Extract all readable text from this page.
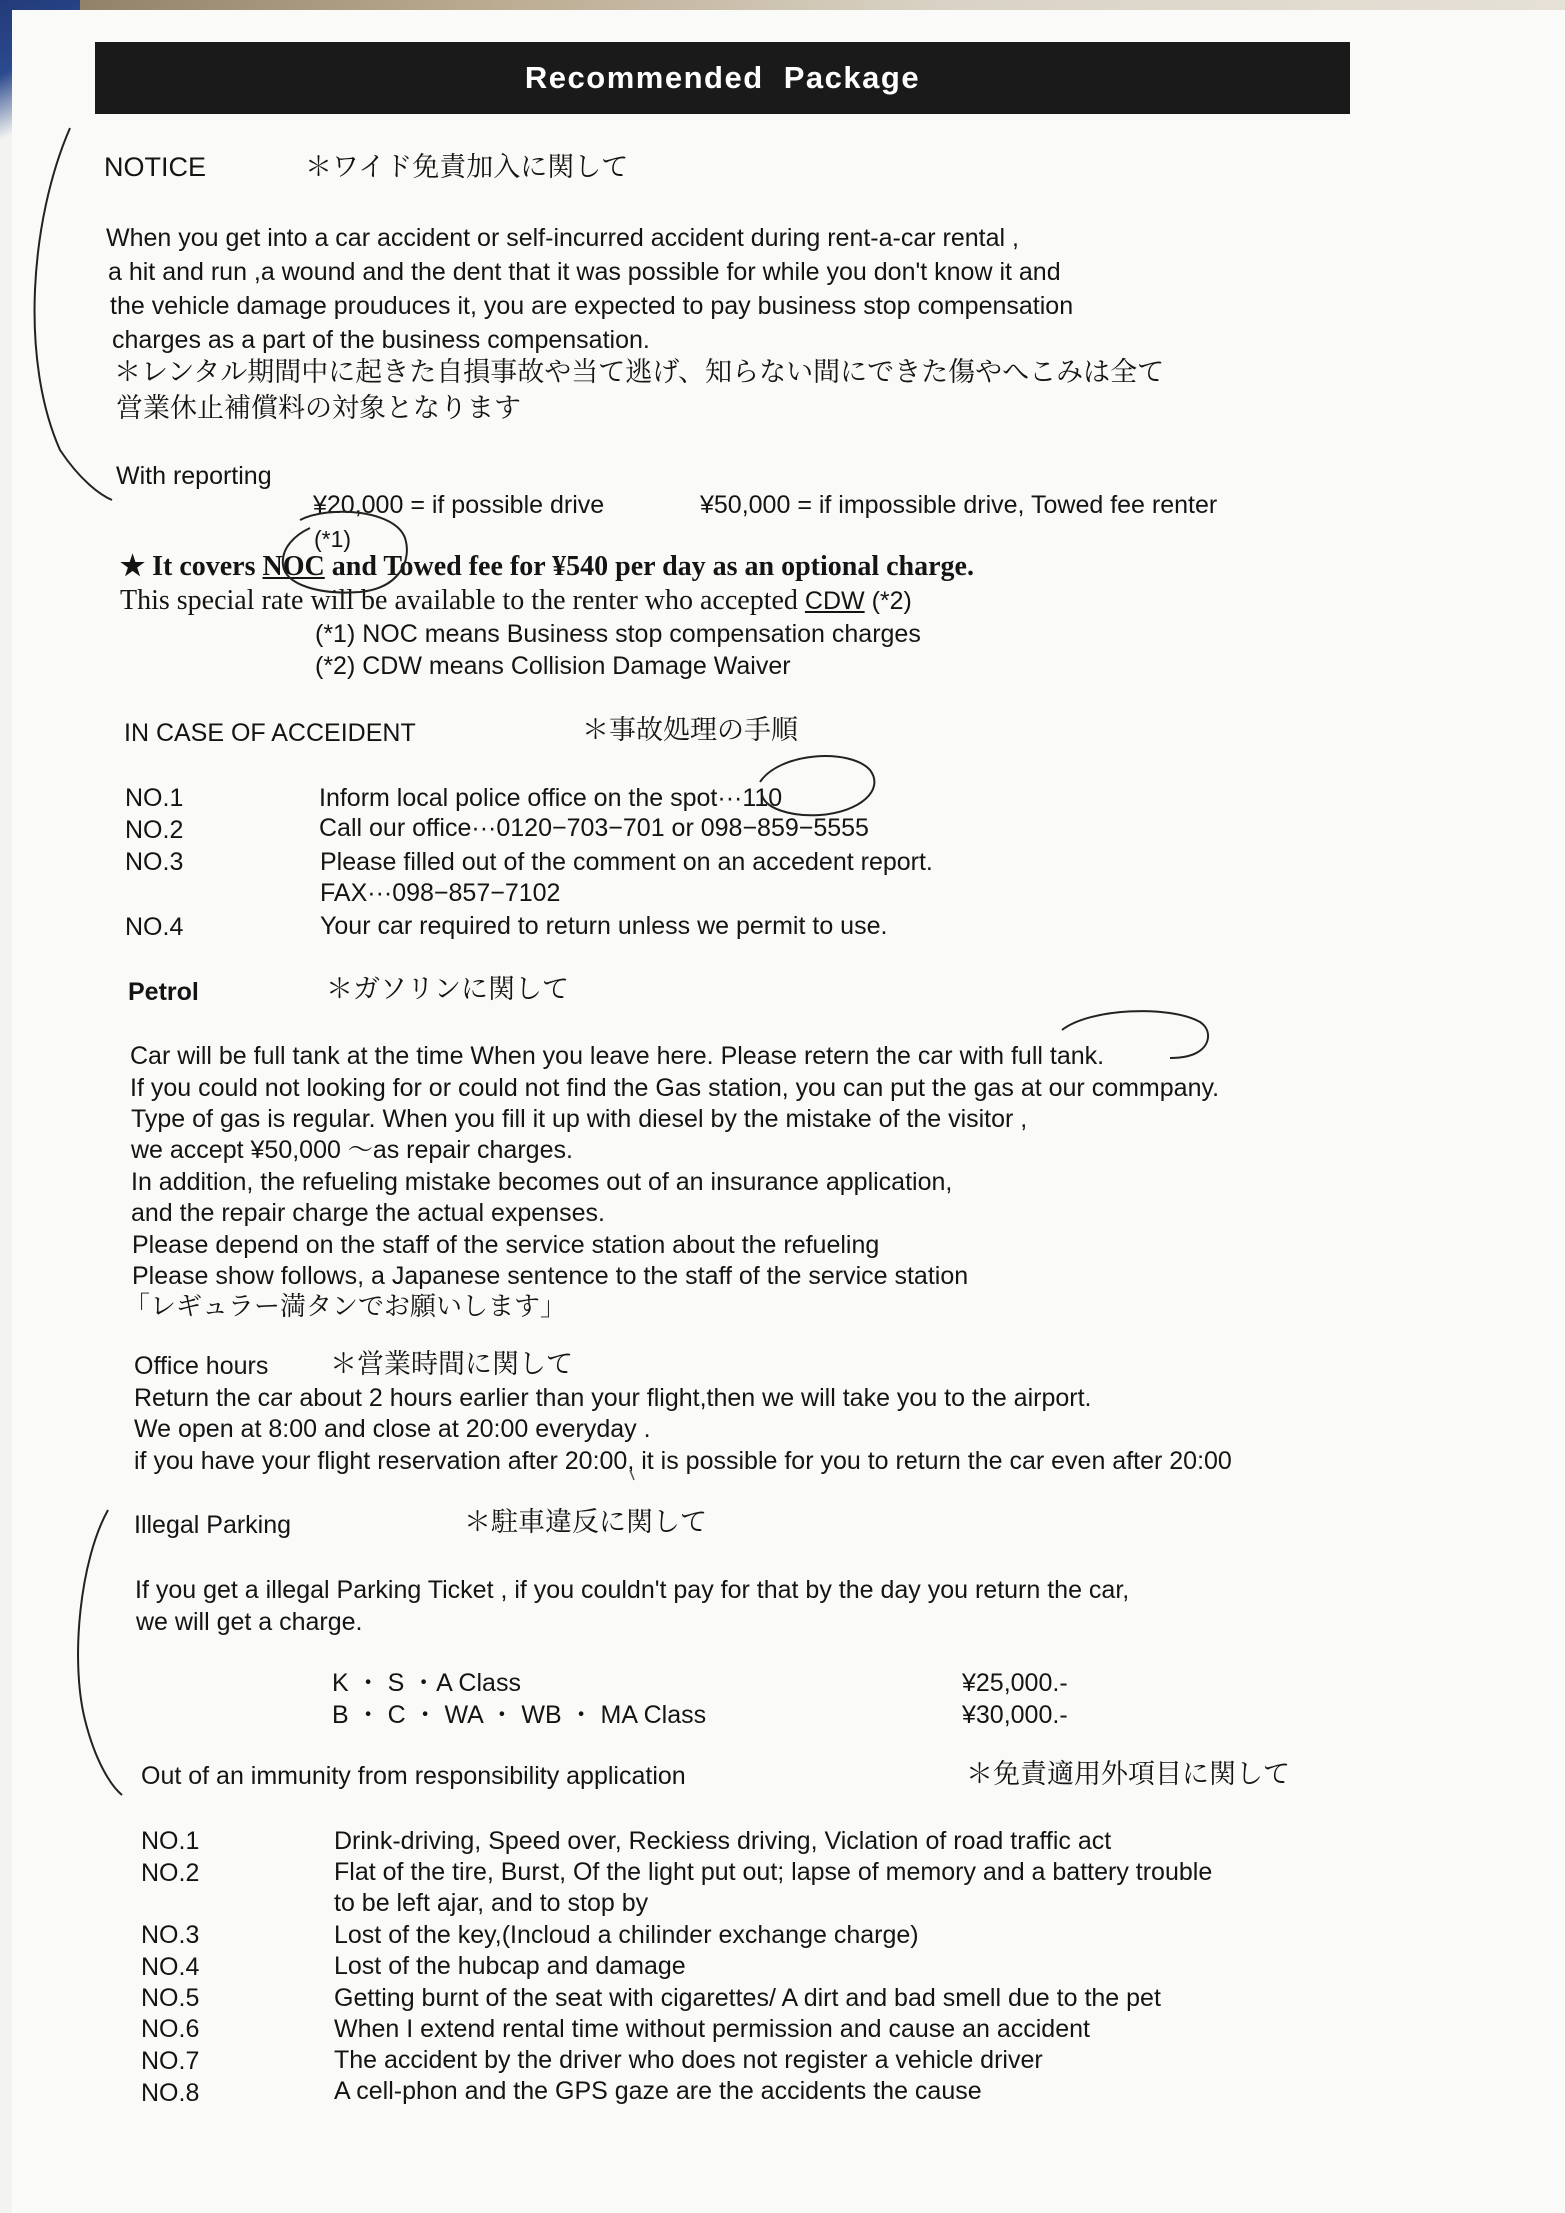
Recommended Package
NOTICE	＊ワイド免責加入に関して
When you get into a car accident or self-incurred accident during rent-a-car rental ,
a hit and run ,a wound and the dent that it was possible for while you don't know it and
the vehicle damage prouduces it, you are expected to pay business stop compensation
charges as a part of the business compensation.
＊レンタル期間中に起きた自損事故や当て逃げ、知らない間にできた傷やへこみは全て
営業休止補償料の対象となります
With reporting
¥20,000 = if possible drive	¥50,000 = if impossible drive, Towed fee renter
(*1)
★ It covers NOC and Towed fee for ¥540 per day as an optional charge.
This special rate will be available to the renter who accepted CDW (*2)
(*1) NOC means Business stop compensation charges
(*2) CDW means Collision Damage Waiver
IN CASE OF ACCEIDENT	＊事故処理の手順
NO.1	Inform local police office on the spot···110
NO.2	Call our office···0120−703−701 or 098−859−5555
NO.3	Please filled out of the comment on an accedent report.
FAX···098−857−7102
NO.4	Your car required to return unless we permit to use.
Petrol	＊ガソリンに関して
Car will be full tank at the time When you leave here. Please retern the car with full tank.
If you could not looking for or could not find the Gas station, you can put the gas at our commpany.
Type of gas is regular. When you fill it up with diesel by the mistake of the visitor ,
we accept ¥50,000 〜as repair charges.
In addition, the refueling mistake becomes out of an insurance application,
and the repair charge the actual expenses.
Please depend on the staff of the service station about the refueling
Please show follows, a Japanese sentence to the staff of the service station
「レギュラー満タンでお願いします」
Office hours ＊営業時間に関して
Return the car about 2 hours earlier than your flight,then we will take you to the airport.
We open at 8:00 and close at 20:00 everyday .
if you have your flight reservation after 20:00, it is possible for you to return the car even after 20:00
Illegal Parking	＊駐車違反に関して
If you get a illegal Parking Ticket , if you couldn't pay for that by the day you return the car,
we will get a charge.
K ・ S ・A Class	¥25,000.-
B ・ C ・ WA ・ WB ・ MA Class	¥30,000.-
Out of an immunity from responsibility application	＊免責適用外項目に関して
NO.1	Drink-driving, Speed over, Reckiess driving, Viclation of road traffic act
NO.2	Flat of the tire, Burst, Of the light put out; lapse of memory and a battery trouble
to be left ajar, and to stop by
NO.3	Lost of the key,(Incloud a chilinder exchange charge)
NO.4	Lost of the hubcap and damage
NO.5	Getting burnt of the seat with cigarettes/ A dirt and bad smell due to the pet
NO.6	When I extend rental time without permission and cause an accident
NO.7	The accident by the driver who does not register a vehicle driver
NO.8	A cell-phon and the GPS gaze are the accidents the cause
